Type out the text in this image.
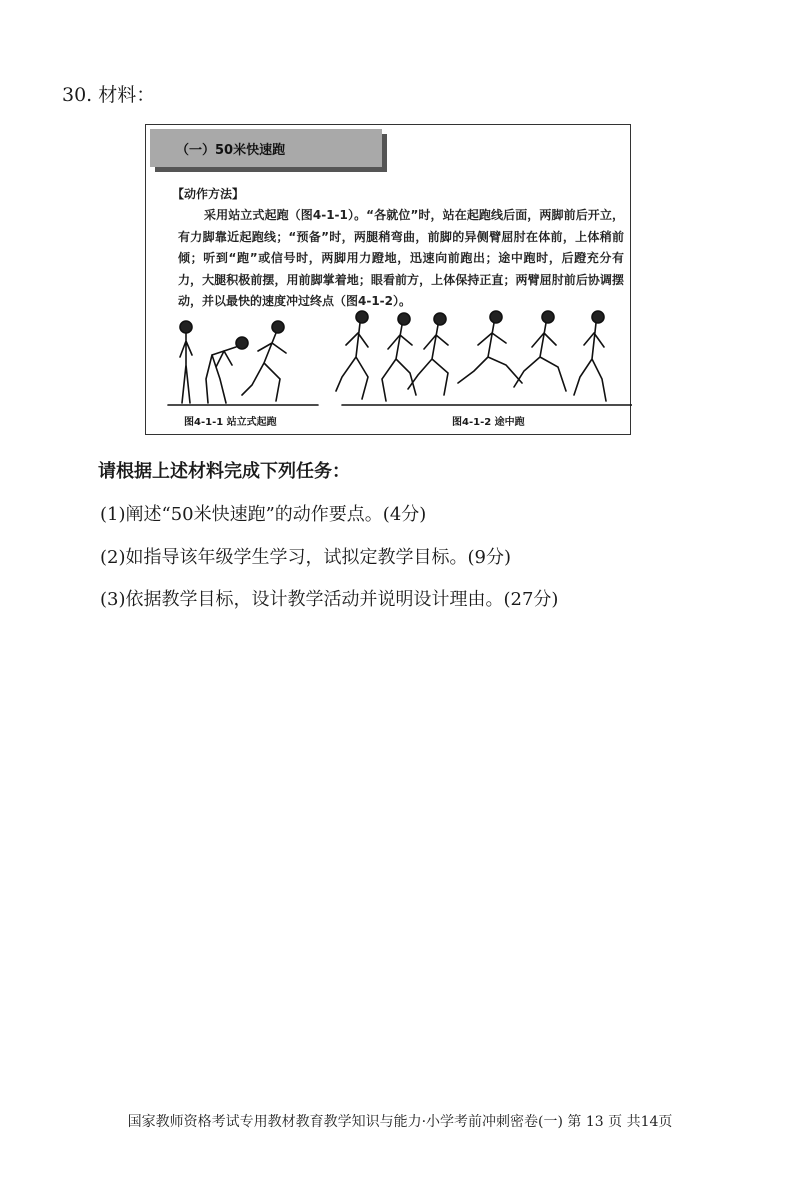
30. 材料：
（一）50米快速跑
【动作方法】
采用站立式起跑（图4-1-1）。“各就位”时，站在起跑线后面，两脚前后开立，有力脚靠近起跑线；“预备”时，两腿稍弯曲，前脚的异侧臂屈肘在体前，上体稍前倾；听到“跑”或信号时，两脚用力蹬地，迅速向前跑出；途中跑时，后蹬充分有力，大腿积极前摆，用前脚掌着地；眼看前方，上体保持正直；两臂屈肘前后协调摆动，并以最快的速度冲过终点（图4-1-2）。
图4-1-1 站立式起跑	图4-1-2 途中跑
请根据上述材料完成下列任务：
(1)阐述“50米快速跑”的动作要点。(4分)
(2)如指导该年级学生学习，试拟定教学目标。(9分)
(3)依据教学目标，设计教学活动并说明设计理由。(27分)
国家教师资格考试专用教材教育教学知识与能力·小学考前冲刺密卷(一) 第 13 页 共14页
